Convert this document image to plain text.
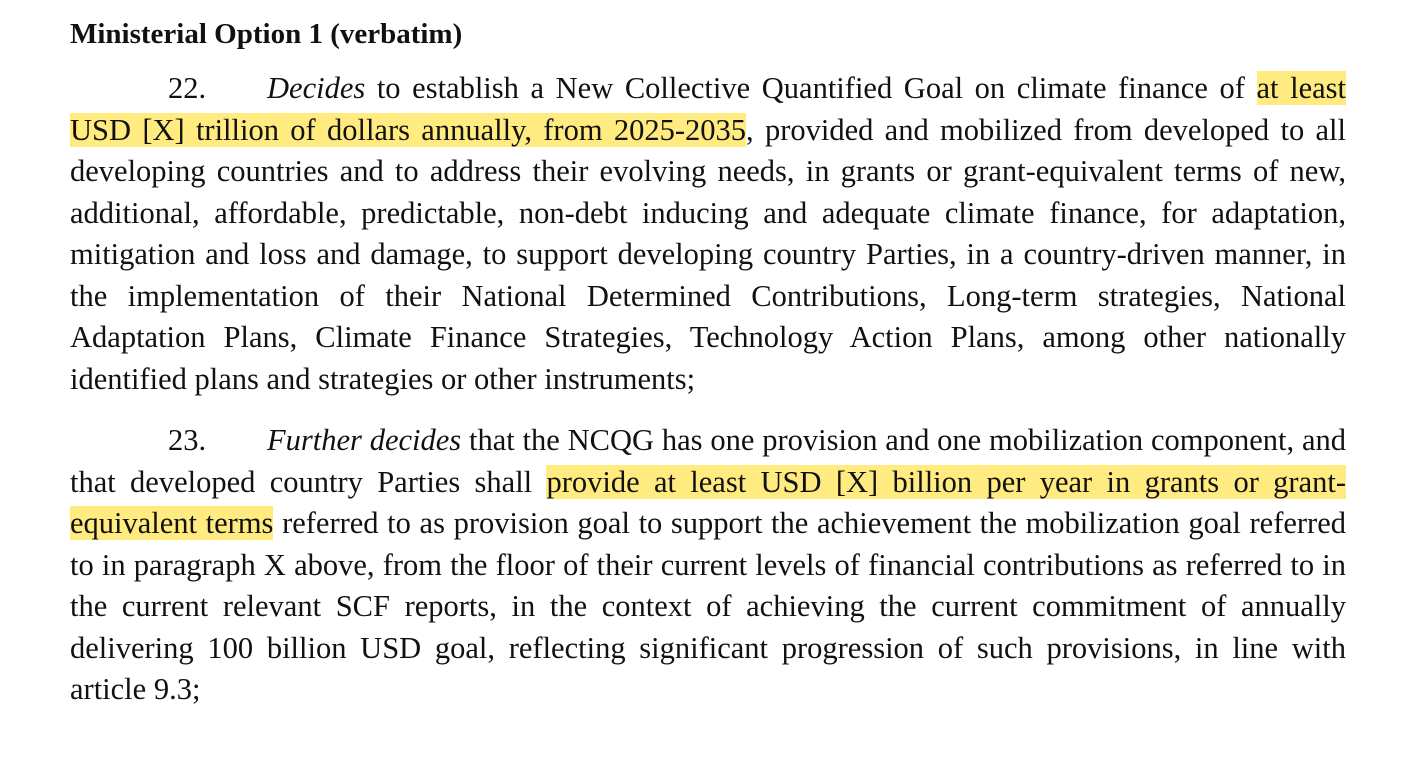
Ministerial Option 1 (verbatim)

22. Decides to establish a New Collective Quantified Goal on climate finance of at least USD [X] trillion of dollars annually, from 2025-2035, provided and mobilized from developed to all developing countries and to address their evolving needs, in grants or grant-equivalent terms of new, additional, affordable, predictable, non-debt inducing and adequate climate finance, for adaptation, mitigation and loss and damage, to support developing country Parties, in a country-driven manner, in the implementation of their National Determined Contributions, Long-term strategies, National Adaptation Plans, Climate Finance Strategies, Technology Action Plans, among other nationally identified plans and strategies or other instruments;

23. Further decides that the NCQG has one provision and one mobilization component, and that developed country Parties shall provide at least USD [X] billion per year in grants or grant-equivalent terms referred to as provision goal to support the achievement the mobilization goal referred to in paragraph X above, from the floor of their current levels of financial contributions as referred to in the current relevant SCF reports, in the context of achieving the current commitment of annually delivering 100 billion USD goal, reflecting significant progression of such provisions, in line with article 9.3;
